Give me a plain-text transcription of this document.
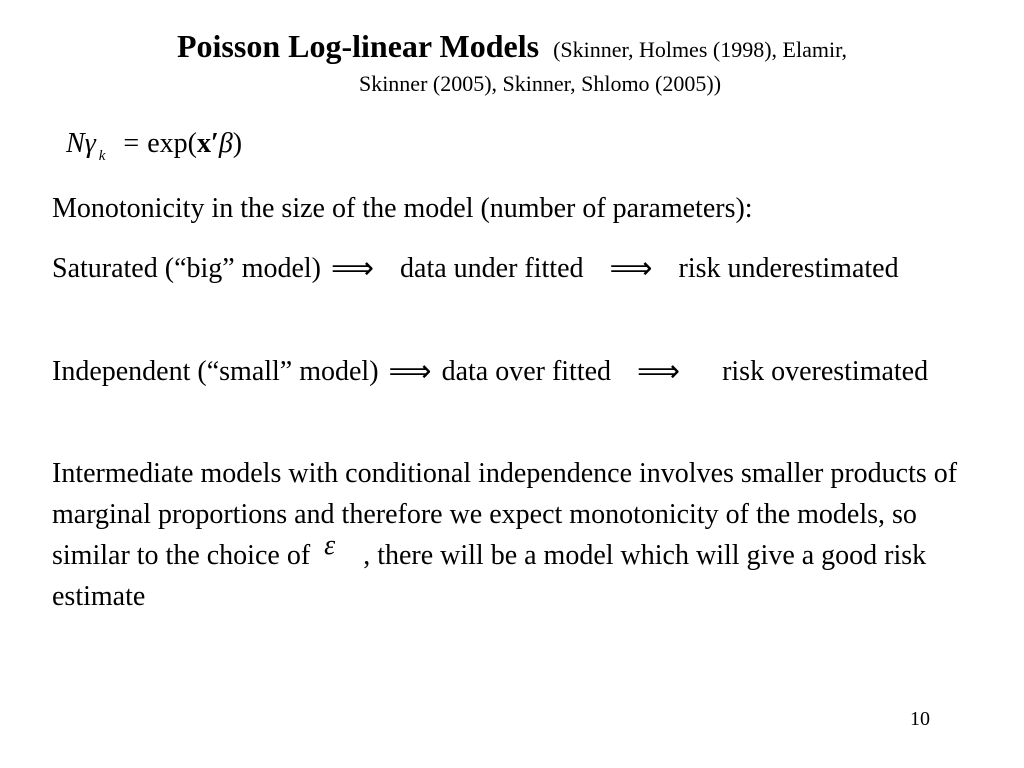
Poisson Log-linear Models (Skinner, Holmes (1998), Elamir,
Skinner (2005), Skinner, Shlomo (2005))
Nγ $_k$ = exp(x′β)
Monotonicity in the size of the model (number of parameters):
Saturated (“big” model) ⟹ data under fitted ⟹ risk underestimated
Independent (“small” model) ⟹ data over fitted ⟹ risk overestimated
Intermediate models with conditional independence involves smaller products of marginal proportions and therefore we expect monotonicity of the models, so similar to the choice of ε , there will be a model which will give a good risk estimate
10
